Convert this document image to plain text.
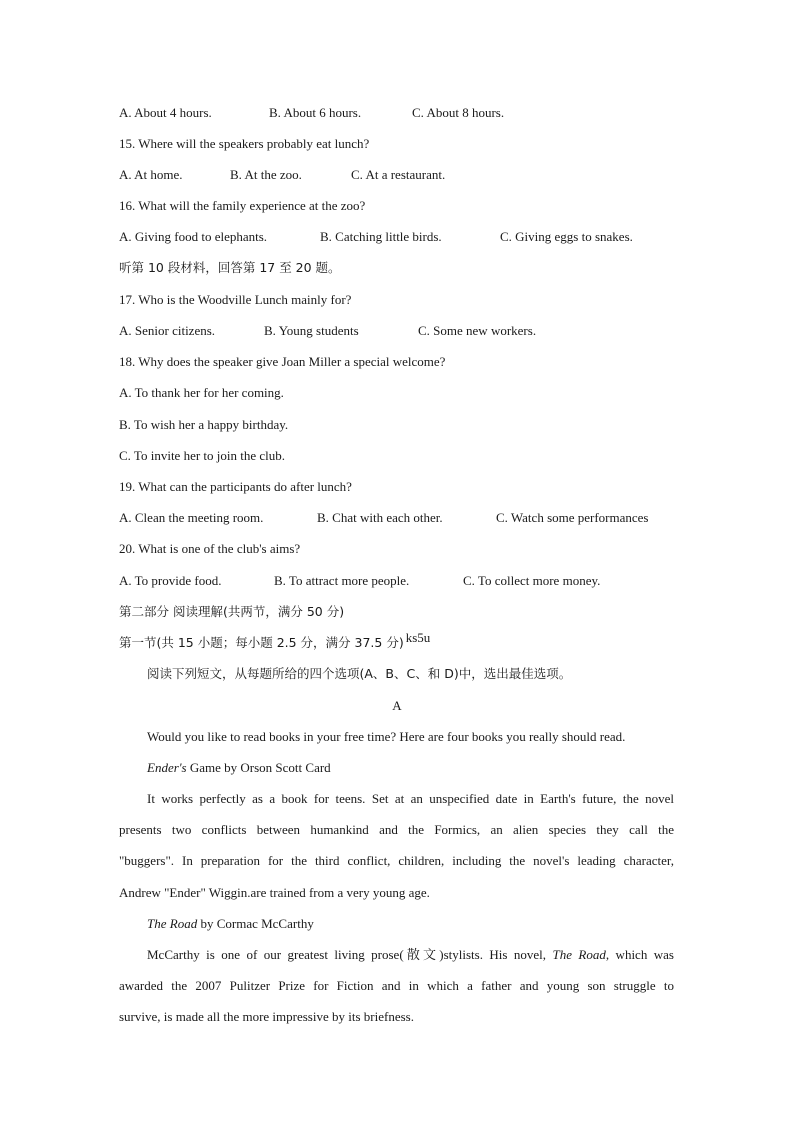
A. About 4 hours.	B. About 6 hours.	C. About 8 hours.
15. Where will the speakers probably eat lunch?
A. At home.	B. At the zoo.	C. At a restaurant.
16. What will the family experience at the zoo?
A. Giving food to elephants.	B. Catching little birds.	C. Giving eggs to snakes.
听第 10 段材料，回答第 17 至 20 题。
17. Who is the Woodville Lunch mainly for?
A. Senior citizens.	B. Young students	C. Some new workers.
18. Why does the speaker give Joan Miller a special welcome?
A. To thank her for her coming.
B. To wish her a happy birthday.
C. To invite her to join the club.
19. What can the participants do after lunch?
A. Clean the meeting room.	B. Chat with each other.	C. Watch some performances
20. What is one of the club's aims?
A. To provide food.	B. To attract more people.	C. To collect more money.
第二部分 阅读理解(共两节，满分 50 分)
第一节(共 15 小题；每小题 2.5 分，满分 37.5 分) ks5u
阅读下列短文，从每题所给的四个选项(A、B、C、和 D)中，选出最佳选项。
A
Would you like to read books in your free time? Here are four books you really should read.
Ender's Game by Orson Scott Card
It works perfectly as a book for teens. Set at an unspecified date in Earth's future, the novel
presents two conflicts between humankind and the Formics, an alien species they call the
"buggers". In preparation for the third conflict, children, including the novel's leading character,
Andrew "Ender" Wiggin.are trained from a very young age.
The Road by Cormac McCarthy
McCarthy is one of our greatest living prose(散文)stylists. His novel, The Road, which was
awarded the 2007 Pulitzer Prize for Fiction and in which a father and young son struggle to
survive, is made all the more impressive by its briefness.
